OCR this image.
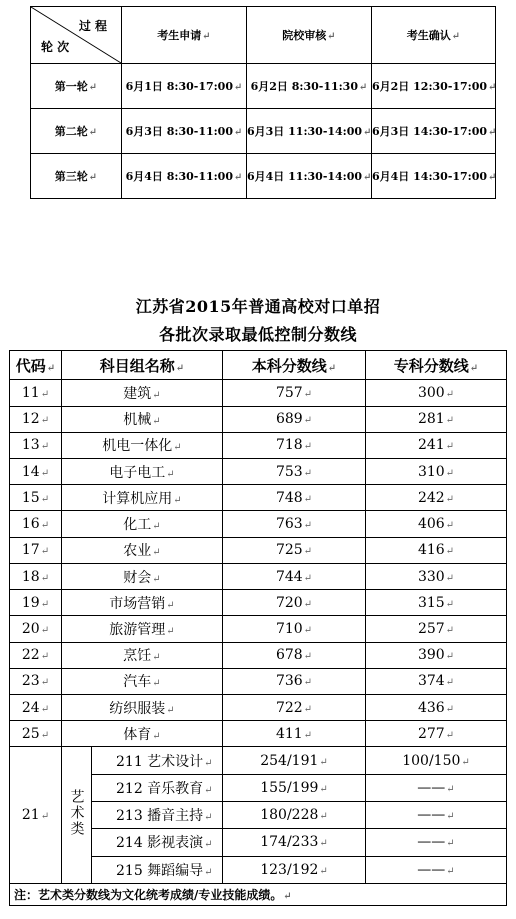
过 程
轮 次	考生申请↵	院校审核↵	考生确认↵
第一轮↵	6月1日 8:30-17:00↵	6月2日 8:30-11:30↵	6月2日 12:30-17:00↵
第二轮↵	6月3日 8:30-11:00↵	6月3日 11:30-14:00↵	6月3日 14:30-17:00↵
第三轮↵	6月4日 8:30-11:00↵	6月4日 11:30-14:00↵	6月4日 14:30-17:00↵
江苏省2015年普通高校对口单招
各批次录取最低控制分数线
代码↵	科目组名称↵		本科分数线↵	专科分数线↵
11↵	建筑↵		757↵	300↵
12↵	机械↵		689↵	281↵
13↵	机电一体化↵		718↵	241↵
14↵	电子电工↵		753↵	310↵
15↵	计算机应用↵		748↵	242↵
16↵	化工↵		763↵	406↵
17↵	农业↵		725↵	416↵
18↵	财会↵		744↵	330↵
19↵	市场营销↵		720↵	315↵
20↵	旅游管理↵		710↵	257↵
22↵	烹饪↵		678↵	390↵
23↵	汽车↵		736↵	374↵
24↵	纺织服装↵		722↵	436↵
25↵	体育↵		411↵	277↵
21↵	艺术类	211 艺术设计↵	254/191↵	100/150↵
		212 音乐教育↵	155/199↵	——↵
		213 播音主持↵	180/228↵	——↵
		214 影视表演↵	174/233↵	——↵
		215 舞蹈编导↵	123/192↵	——↵
注：艺术类分数线为文化统考成绩/专业技能成绩。↵				
